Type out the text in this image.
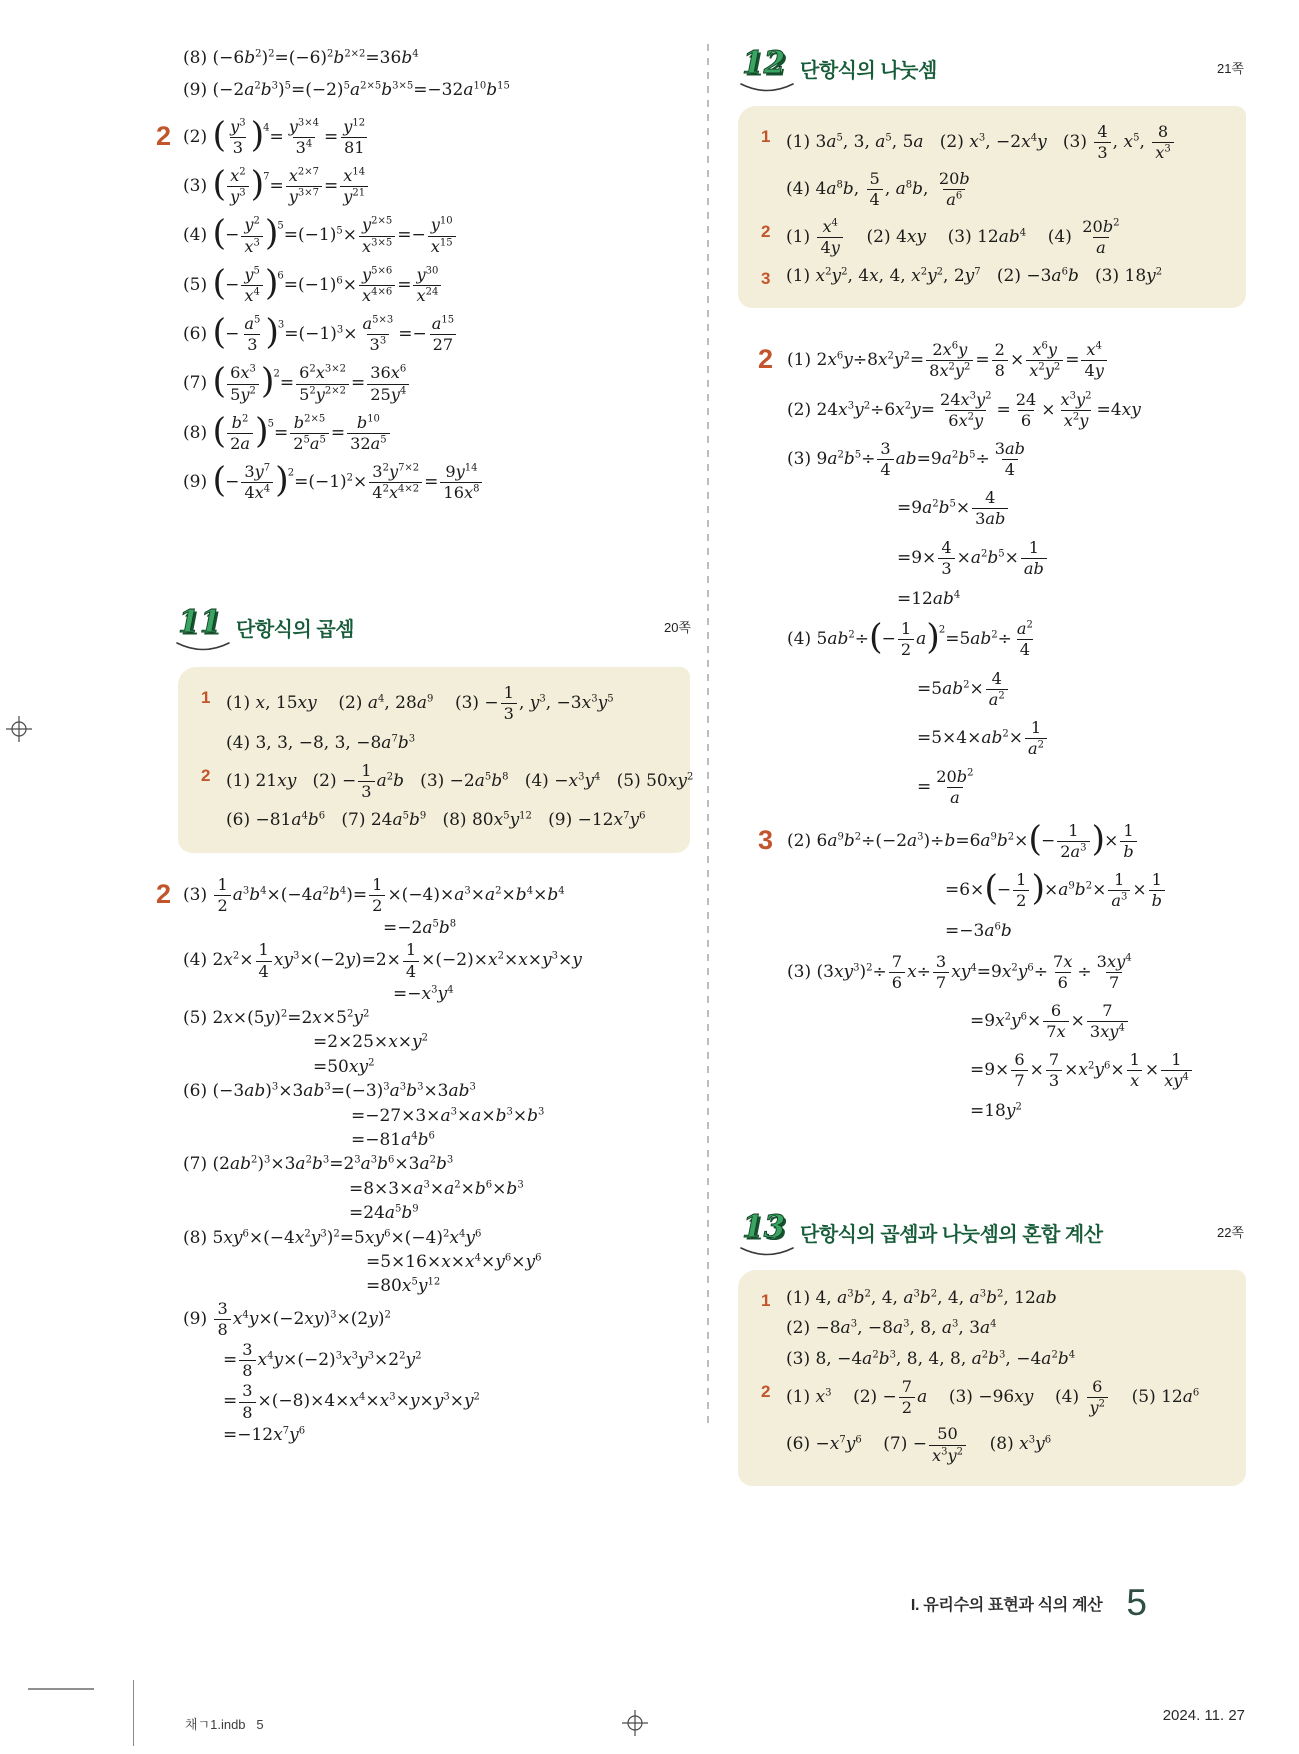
(8) $(-6b^2)^2=(-6)^2b^{2\times 2}=36b^4$
(9) $(-2a^2b^3)^5=(-2)^5a^{2\times 5}b^{3\times 5}=-32a^{10}b^{15}$
2 (2) ( $\frac{y^3}{3} )^4= \frac{y^{3\times 4}}{3^4} = \frac{y^{12}}{81}$
(3) ( $\frac{x^2}{y^3} )^7= \frac{x^{2\times 7}}{y^{3\times 7}} = \frac{x^{14}}{y^{21}}$
(4) (− $\frac{y^2}{x^3} )^5=(-1)^5\times \frac{y^{2\times 5}}{x^{3\times 5}} =- \frac{y^{10}}{x^{15}}$
(5) (− $\frac{y^5}{x^4} )^6=(-1)^6\times \frac{y^{5\times 6}}{x^{4\times 6}} = \frac{y^{30}}{x^{24}}$
(6) (− $\frac{a^5}{3} )^3=(-1)^3\times \frac{a^{5\times 3}}{3^3} =- \frac{a^{15}}{27}$
(7) ( $\frac{6x^3}{5y^2} )^2= \frac{6^2x^{3\times 2}}{5^2y^{2\times 2}} = \frac{36x^6}{25y^4}$
(8) ( $\frac{b^2}{2a} )^5= \frac{b^{2\times 5}}{2^5a^5} = \frac{b^{10}}{32a^5}$
(9) (− $\frac{3y^7}{4x^4} )^2=(-1)^2\times \frac{3^2y^{7\times 2}}{4^2x^{4\times 2}} = \frac{9y^{14}}{16x^8}$
11 단항식의 곱셈	20쪽
1 (1) x, 15xy    (2) $a^4$, $28a^9$    $(3) - \frac{1}{3}$ , $y^3$, $-3x^3y^5$
(4) 3, 3, −8, 3, $-8a^7b^3$
2 (1) 21xy   $(2) - \frac{1}{3} a^2b$   $(3) -2a^5b^8$   $(4) -x^3y^4$   (5) $50xy^2$
$(6) -81a^4b^6$   (7) $24a^5b^9$   (8) $80x^5y^{12}$   $(9) -12x^7y^6$
2 $(3) \frac{1}{2} a^3b^4\times(-4a^2b^4)= \frac{1}{2} \times(-4)\times a^3\times a^2\times b^4\times b^4$
$=-2a^5b^8$
(4) $2x^2\times \frac{1}{4} xy^3\times(-2y)=2\times \frac{1}{4} \times(-2)\times x^2\times x\times y^3\times y$
$=-x^3y^4$
(5) $2x\times(5y)^2=2x\times 5^2y^2$
$=2\times 25\times x\times y^2$
$=50xy^2$
(6) $(-3ab)^3\times 3ab^3=(-3)^3a^3b^3\times 3ab^3$
$=-27\times 3\times a^3\times a\times b^3\times b^3$
$=-81a^4b^6$
(7) $(2ab^2)^3\times 3a^2b^3=2^3a^3b^6\times 3a^2b^3$
$=8\times 3\times a^3\times a^2\times b^6\times b^3$
$=24a^5b^9$
(8) $5xy^6\times(-4x^2y^3)^2=5xy^6\times(-4)^2x^4y^6$
$=5\times 16\times x\times x^4\times y^6\times y^6$
$=80x^5y^{12}$
$(9) \frac{3}{8} x^4y\times(-2xy)^3\times(2y)^2$
= $\frac{3}{8} x^4y\times(-2)^3x^3y^3\times 2^2y^2$
= $\frac{3}{8} \times(-8)\times 4\times x^4\times x^3\times y\times y^3\times y^2$
$=-12x^7y^6$
12 단항식의 나눗셈	21쪽
1 (1) $3a^5$, 3, $a^5$, 5a   (2) $x^3$, $-2x^4y$   $(3) \frac{4}{3}$ , $x^5$, $\frac{8}{x^3}$
(4) $4a^8b$, $\frac{5}{4}$ , $a^8b$, $\frac{20b}{a^6}$
2 $(1) \frac{x^4}{4y} (2)$ 4xy    (3) $12ab^4$    $(4) \frac{20b^2}{a}$
3 (1) $x^2y^2$, 4x, 4, $x^2y^2$, $2y^7$   $(2) -3a^6b$   (3) $18y^2$
2 (1) $2x^6y\div 8x^2y^2= \frac{2x^6y}{8x^2y^2} = \frac{2}{8} \times \frac{x^6y}{x^2y^2} = \frac{x^4}{4y}$
(2) $24x^3y^2\div 6x^2y= \frac{24x^3y^2}{6x^2y} = \frac{24}{6} \times \frac{x^3y^2}{x^2y} =4xy$
(3) $9a^2b^5\div \frac{3}{4} ab=9a^2b^5\div \frac{3ab}{4}$
$=9a^2b^5\times \frac{4}{3ab}$
$=9\times \frac{4}{3} \times a^2b^5\times \frac{1}{ab}$
$=12ab^4$
(4) $5ab^2\div(- \frac{1}{2} a)^2=5ab^2\div \frac{a^2}{4}$
$=5ab^2\times \frac{4}{a^2}$
$=5\times 4\times ab^2\times \frac{1}{a^2}$
= $\frac{20b^2}{a}$
3 (2) $6a^9b^2\div(-2a^3)\div b=6a^9b^2\times(- \frac{1}{2a^3}$ )× $\frac{1}{b}$
$=6\times(- \frac{1}{2} )\times a^9b^2\times \frac{1}{a^3} \times \frac{1}{b}$
$=-3a^6b$
(3) $(3xy^3)^2\div \frac{7}{6} x\div \frac{3}{7} xy^4=9x^2y^6\div \frac{7x}{6} \div \frac{3xy^4}{7}$
$=9x^2y^6\times \frac{6}{7x} \times \frac{7}{3xy^4}$
$=9\times \frac{6}{7} \times \frac{7}{3} \times x^2y^6\times \frac{1}{x} \times \frac{1}{xy^4}$
$=18y^2$
13 단항식의 곱셈과 나눗셈의 혼합 계산	22쪽
1 (1) 4, $a^3b^2$, 4, $a^3b^2$, 4, $a^3b^2$, 12ab
$(2) -8a^3$, $-8a^3$, 8, $a^3$, $3a^4$
(3) 8, $-4a^2b^3$, 8, 4, 8, $a^2b^3$, $-4a^2b^4$
2 (1) $x^3$    $(2) - \frac{7}{2}$ a    (3) −96xy    $(4) \frac{6}{y^2} (5)$ $12a^6$
$(6) -x^7y^6$    $(7) - \frac{50}{x^3y^2} (8)$ $x^3y^6$
I. 유리수의 표현과 식의 계산 5
채ㄱ1.indb   5
2024. 11. 27
